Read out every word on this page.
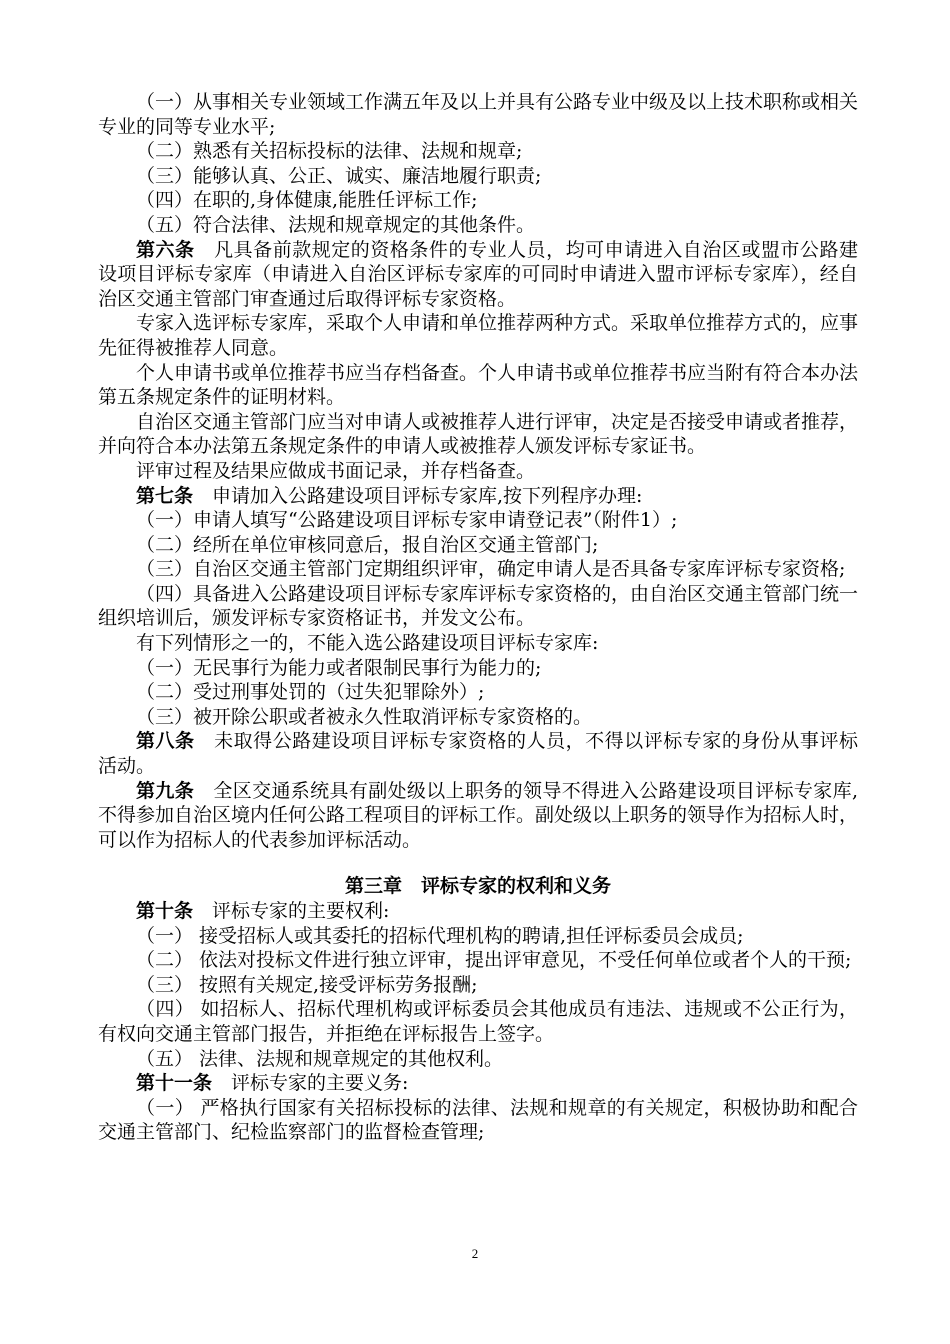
（一）从事相关专业领域工作满五年及以上并具有公路专业中级及以上技术职称或相关专业的同等专业水平;

（二）熟悉有关招标投标的法律、法规和规章;

（三）能够认真、公正、诚实、廉洁地履行职责;

（四）在职的,身体健康,能胜任评标工作;

（五）符合法律、法规和规章规定的其他条件。

第六条　凡具备前款规定的资格条件的专业人员，均可申请进入自治区或盟市公路建设项目评标专家库（申请进入自治区评标专家库的可同时申请进入盟市评标专家库），经自治区交通主管部门审查通过后取得评标专家资格。

专家入选评标专家库，采取个人申请和单位推荐两种方式。采取单位推荐方式的，应事先征得被推荐人同意。

个人申请书或单位推荐书应当存档备查。个人申请书或单位推荐书应当附有符合本办法第五条规定条件的证明材料。

自治区交通主管部门应当对申请人或被推荐人进行评审，决定是否接受申请或者推荐，并向符合本办法第五条规定条件的申请人或被推荐人颁发评标专家证书。

评审过程及结果应做成书面记录，并存档备查。

第七条　申请加入公路建设项目评标专家库,按下列程序办理:

（一）申请人填写“公路建设项目评标专家申请登记表”（附件1）;

（二）经所在单位审核同意后，报自治区交通主管部门;

（三）自治区交通主管部门定期组织评审，确定申请人是否具备专家库评标专家资格;

（四）具备进入公路建设项目评标专家库评标专家资格的，由自治区交通主管部门统一组织培训后，颁发评标专家资格证书，并发文公布。

有下列情形之一的，不能入选公路建设项目评标专家库:

（一）无民事行为能力或者限制民事行为能力的;

（二）受过刑事处罚的（过失犯罪除外）;

（三）被开除公职或者被永久性取消评标专家资格的。

第八条　未取得公路建设项目评标专家资格的人员，不得以评标专家的身份从事评标活动。

第九条　全区交通系统具有副处级以上职务的领导不得进入公路建设项目评标专家库,不得参加自治区境内任何公路工程项目的评标工作。副处级以上职务的领导作为招标人时，可以作为招标人的代表参加评标活动。

第三章　评标专家的权利和义务

第十条　评标专家的主要权利:

（一） 接受招标人或其委托的招标代理机构的聘请,担任评标委员会成员;

（二） 依法对投标文件进行独立评审，提出评审意见，不受任何单位或者个人的干预;

（三） 按照有关规定,接受评标劳务报酬;

（四） 如招标人、招标代理机构或评标委员会其他成员有违法、违规或不公正行为，有权向交通主管部门报告，并拒绝在评标报告上签字。

（五） 法律、法规和规章规定的其他权利。

第十一条　评标专家的主要义务:

（一） 严格执行国家有关招标投标的法律、法规和规章的有关规定，积极协助和配合交通主管部门、纪检监察部门的监督检查管理;

2
